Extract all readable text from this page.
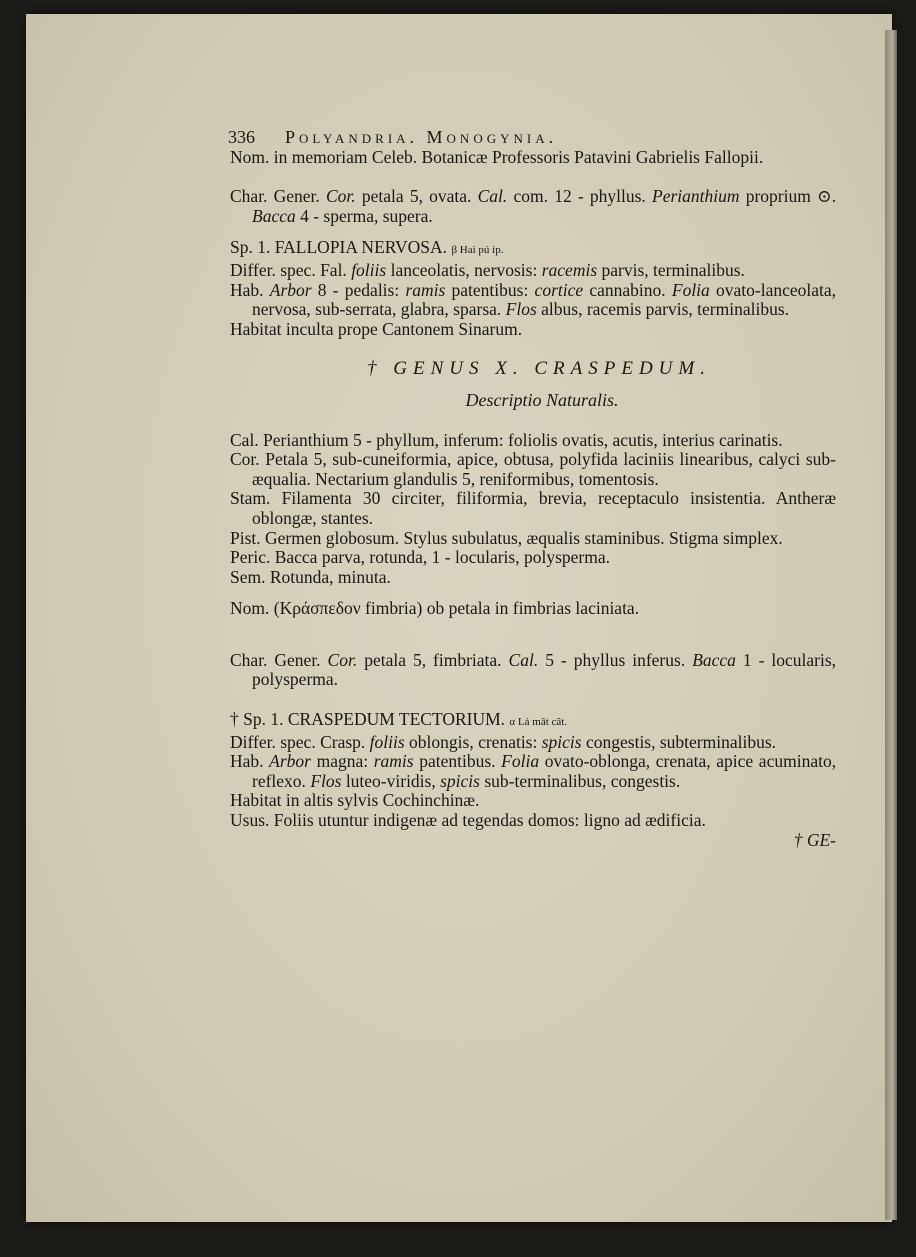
336 Polyandria. Monogynia.
Nom. in memoriam Celeb. Botanicæ Professoris Patavini Gabrielis Fallopii.
Char. Gener. Cor. petala 5, ovata. Cal. com. 12 - phyllus. Perianthium proprium ⊙. Bacca 4 - sperma, supera.
Sp. 1. FALLOPIA NERVOSA. β Hai pú ip.
Differ. spec. Fal. foliis lanceolatis, nervosis: racemis parvis, terminalibus.
Hab. Arbor 8 - pedalis: ramis patentibus: cortice cannabino. Folia ovato-lanceolata, nervosa, sub-serrata, glabra, sparsa. Flos albus, racemis parvis, terminalibus.
Habitat inculta prope Cantonem Sinarum.
† GENUS X. CRASPEDUM.
Descriptio Naturalis.
Cal. Perianthium 5 - phyllum, inferum: foliolis ovatis, acutis, interius carinatis.
Cor. Petala 5, sub-cuneiformia, apice, obtusa, polyfida laciniis linearibus, calyci sub-æqualia. Nectarium glandulis 5, reniformibus, tomentosis.
Stam. Filamenta 30 circiter, filiformia, brevia, receptaculo insistentia. Antheræ oblongæ, stantes.
Pist. Germen globosum. Stylus subulatus, æqualis staminibus. Stigma simplex.
Peric. Bacca parva, rotunda, 1 - locularis, polysperma.
Sem. Rotunda, minuta.
Nom. (Κράσπεδον fimbria) ob petala in fimbrias laciniata.
Char. Gener. Cor. petala 5, fimbriata. Cal. 5 - phyllus inferus. Bacca 1 - locularis, polysperma.
† Sp. 1. CRASPEDUM TECTORIUM. α Lá mât cât.
Differ. spec. Crasp. foliis oblongis, crenatis: spicis congestis, subterminalibus.
Hab. Arbor magna: ramis patentibus. Folia ovato-oblonga, crenata, apice acuminato, reflexo. Flos luteo-viridis, spicis sub-terminalibus, congestis.
Habitat in altis sylvis Cochinchinæ.
Usus. Foliis utuntur indigenæ ad tegendas domos: ligno ad ædificia.
† GE-
